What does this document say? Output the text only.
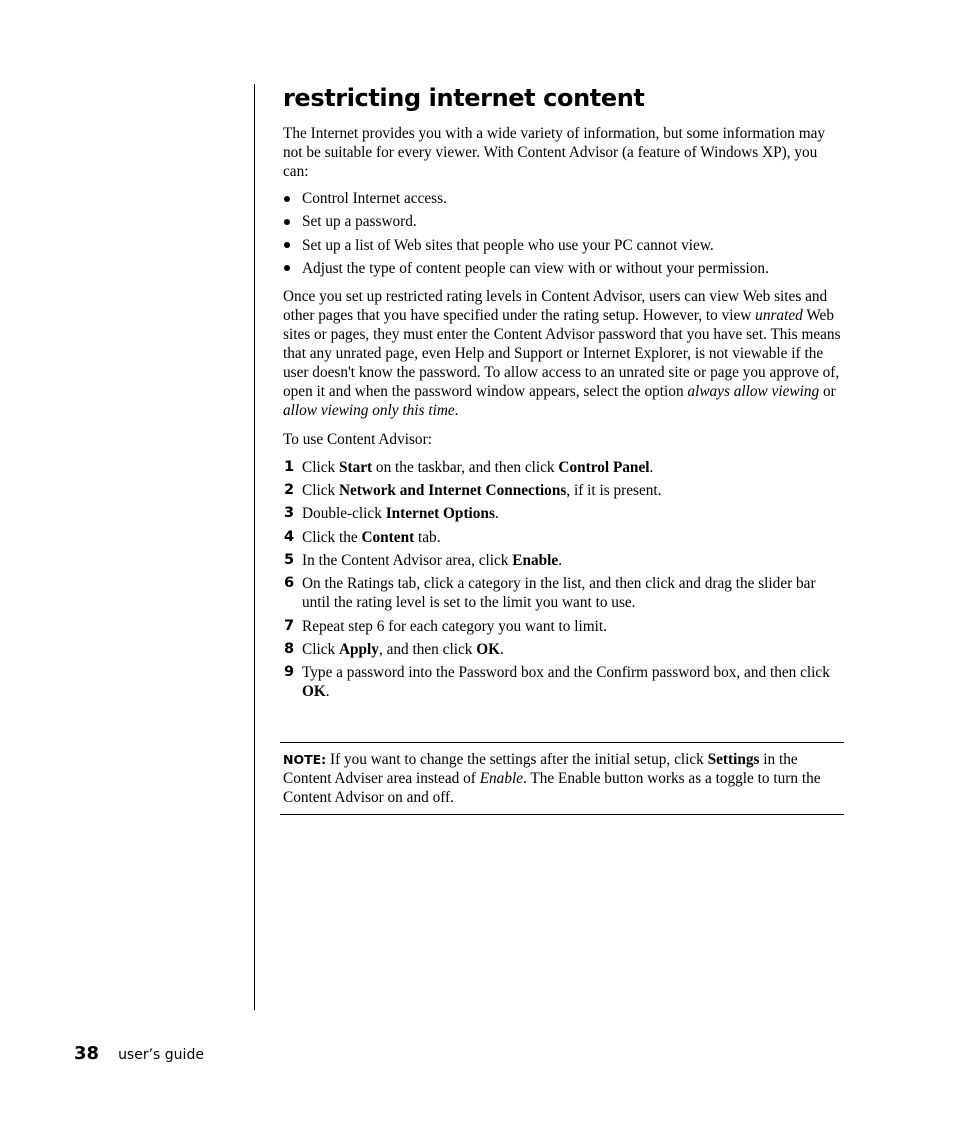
restricting internet content

The Internet provides you with a wide variety of information, but some information may not be suitable for every viewer. With Content Advisor (a feature of Windows XP), you can:

Control Internet access.
Set up a password.
Set up a list of Web sites that people who use your PC cannot view.
Adjust the type of content people can view with or without your permission.

Once you set up restricted rating levels in Content Advisor, users can view Web sites and other pages that you have specified under the rating setup. However, to view unrated Web sites or pages, they must enter the Content Advisor password that you have set. This means that any unrated page, even Help and Support or Internet Explorer, is not viewable if the user doesn't know the password. To allow access to an unrated site or page you approve of, open it and when the password window appears, select the option always allow viewing or allow viewing only this time.

To use Content Advisor:

1 Click Start on the taskbar, and then click Control Panel.
2 Click Network and Internet Connections, if it is present.
3 Double-click Internet Options.
4 Click the Content tab.
5 In the Content Advisor area, click Enable.
6 On the Ratings tab, click a category in the list, and then click and drag the slider bar until the rating level is set to the limit you want to use.
7 Repeat step 6 for each category you want to limit.
8 Click Apply, and then click OK.
9 Type a password into the Password box and the Confirm password box, and then click OK.
NOTE: If you want to change the settings after the initial setup, click Settings in the Content Adviser area instead of Enable. The Enable button works as a toggle to turn the Content Advisor on and off.
38 user’s guide
